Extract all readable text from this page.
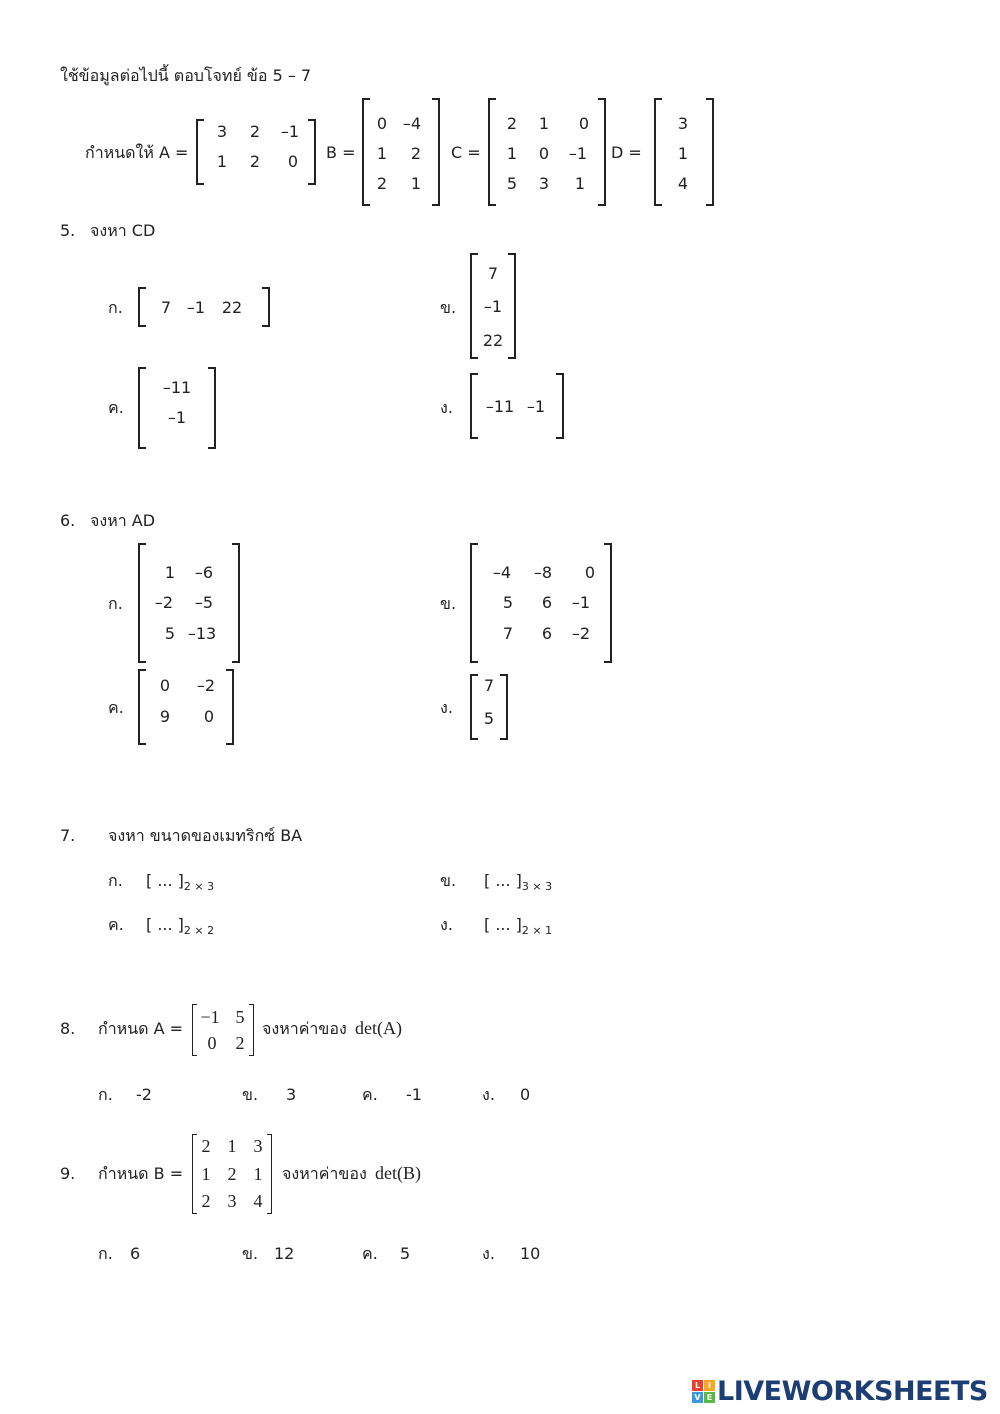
ใช้ข้อมูลต่อไปนี้ ตอบโจทย์ ข้อ 5 – 7
กำหนดให้ A =
3 2 –1
1 2 0 B =
0 –4
1 2
2 1
C =
2 1 0
1 0 –1
5 3 1
D =
3
1
4
5. จงหา CD
ก. 7 –1 22	ข.
7
–1
22
ค.
–11
–1
ง. –11 –1
6. จงหา AD
ก.
1 –6
–2 –5
5 –13
ข.
–4 –8 0
5 6 –1
7 6 –2
ค.
0 –2
9 0	ง.
7
5
7. จงหา ขนาดของเมทริกซ์ BA
ก. [ ... ]$_{2 \times 3}$	ข. [ ... ]$_{3 \times 3}$
ค. [ ... ]$_{2 \times 2}$	ง. [ ... ]$_{2 \times 1}$
8. กำหนด A =
−1 5
0 2
จงหาค่าของ det(A)
ก. -2	ข. 3	ค. -1	ง. 0
9. กำหนด B =
2 1 3
1 2 1
2 3 4
จงหาค่าของ det(B)
ก. 6	ข. 12	ค. 5	ง. 10
L I
V E LIVEWORKSHEETS
